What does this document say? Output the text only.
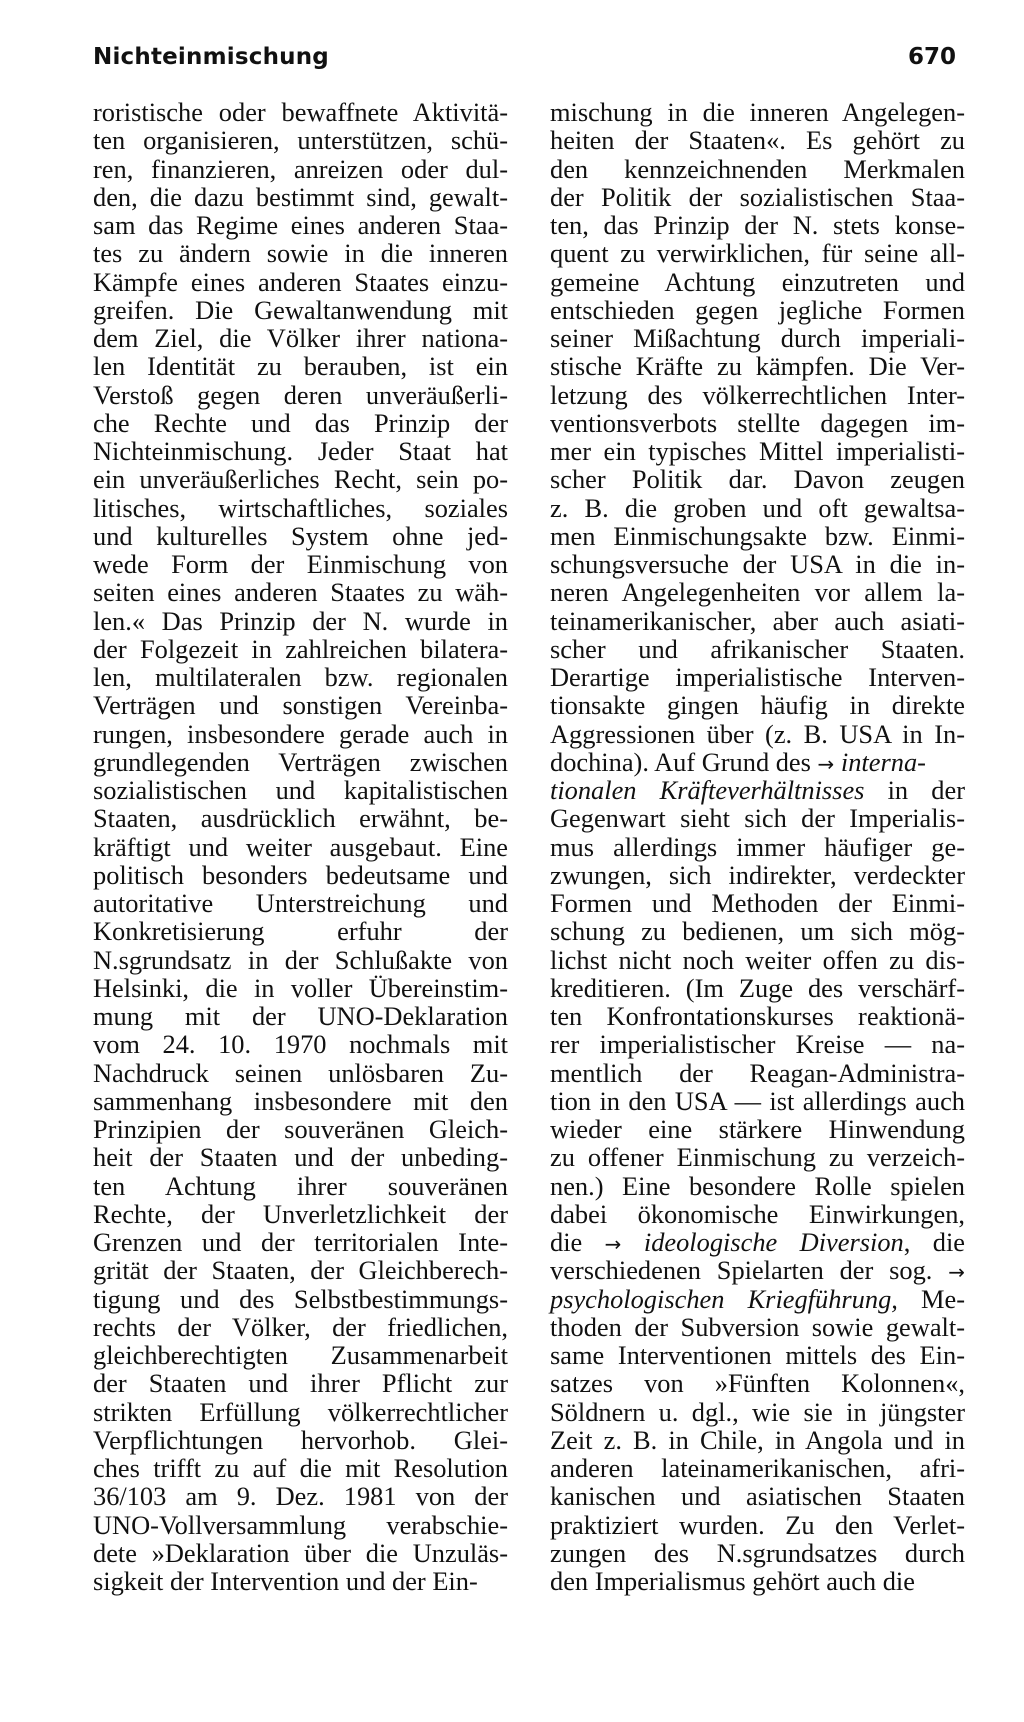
Nichteinmischung	670
roristische oder bewaffnete Aktivitä-
ten organisieren, unterstützen, schü-
ren, finanzieren, anreizen oder dul-
den, die dazu bestimmt sind, gewalt-
sam das Regime eines anderen Staa-
tes zu ändern sowie in die inneren
Kämpfe eines anderen Staates einzu-
greifen. Die Gewaltanwendung mit
dem Ziel, die Völker ihrer nationa-
len Identität zu berauben, ist ein
Verstoß gegen deren unveräußerli-
che Rechte und das Prinzip der
Nichteinmischung. Jeder Staat hat
ein unveräußerliches Recht, sein po-
litisches, wirtschaftliches, soziales
und kulturelles System ohne jed-
wede Form der Einmischung von
seiten eines anderen Staates zu wäh-
len.« Das Prinzip der N. wurde in
der Folgezeit in zahlreichen bilatera-
len, multilateralen bzw. regionalen
Verträgen und sonstigen Vereinba-
rungen, insbesondere gerade auch in
grundlegenden Verträgen zwischen
sozialistischen und kapitalistischen
Staaten, ausdrücklich erwähnt, be-
kräftigt und weiter ausgebaut. Eine
politisch besonders bedeutsame und
autoritative Unterstreichung und
Konkretisierung erfuhr der
N.sgrundsatz in der Schlußakte von
Helsinki, die in voller Übereinstim-
mung mit der UNO-Deklaration
vom 24. 10. 1970 nochmals mit
Nachdruck seinen unlösbaren Zu-
sammenhang insbesondere mit den
Prinzipien der souveränen Gleich-
heit der Staaten und der unbeding-
ten Achtung ihrer souveränen
Rechte, der Unverletzlichkeit der
Grenzen und der territorialen Inte-
grität der Staaten, der Gleichberech-
tigung und des Selbstbestimmungs-
rechts der Völker, der friedlichen,
gleichberechtigten Zusammenarbeit
der Staaten und ihrer Pflicht zur
strikten Erfüllung völkerrechtlicher
Verpflichtungen hervorhob. Glei-
ches trifft zu auf die mit Resolution
36/103 am 9. Dez. 1981 von der
UNO-Vollversammlung verabschie-
dete »Deklaration über die Unzuläs-
sigkeit der Intervention und der Ein-
mischung in die inneren Angelegen-
heiten der Staaten«. Es gehört zu
den kennzeichnenden Merkmalen
der Politik der sozialistischen Staa-
ten, das Prinzip der N. stets konse-
quent zu verwirklichen, für seine all-
gemeine Achtung einzutreten und
entschieden gegen jegliche Formen
seiner Mißachtung durch imperiali-
stische Kräfte zu kämpfen. Die Ver-
letzung des völkerrechtlichen Inter-
ventionsverbots stellte dagegen im-
mer ein typisches Mittel imperialisti-
scher Politik dar. Davon zeugen
z. B. die groben und oft gewaltsa-
men Einmischungsakte bzw. Einmi-
schungsversuche der USA in die in-
neren Angelegenheiten vor allem la-
teinamerikanischer, aber auch asiati-
scher und afrikanischer Staaten.
Derartige imperialistische Interven-
tionsakte gingen häufig in direkte
Aggressionen über (z. B. USA in In-
dochina). Auf Grund des → interna-
tionalen Kräfteverhältnisses in der
Gegenwart sieht sich der Imperialis-
mus allerdings immer häufiger ge-
zwungen, sich indirekter, verdeckter
Formen und Methoden der Einmi-
schung zu bedienen, um sich mög-
lichst nicht noch weiter offen zu dis-
kreditieren. (Im Zuge des verschärf-
ten Konfrontationskurses reaktionä-
rer imperialistischer Kreise — na-
mentlich der Reagan-Administra-
tion in den USA — ist allerdings auch
wieder eine stärkere Hinwendung
zu offener Einmischung zu verzeich-
nen.) Eine besondere Rolle spielen
dabei ökonomische Einwirkungen,
die → ideologische Diversion, die
verschiedenen Spielarten der sog. →
psychologischen Kriegführung, Me-
thoden der Subversion sowie gewalt-
same Interventionen mittels des Ein-
satzes von »Fünften Kolonnen«,
Söldnern u. dgl., wie sie in jüngster
Zeit z. B. in Chile, in Angola und in
anderen lateinamerikanischen, afri-
kanischen und asiatischen Staaten
praktiziert wurden. Zu den Verlet-
zungen des N.sgrundsatzes durch
den Imperialismus gehört auch die
